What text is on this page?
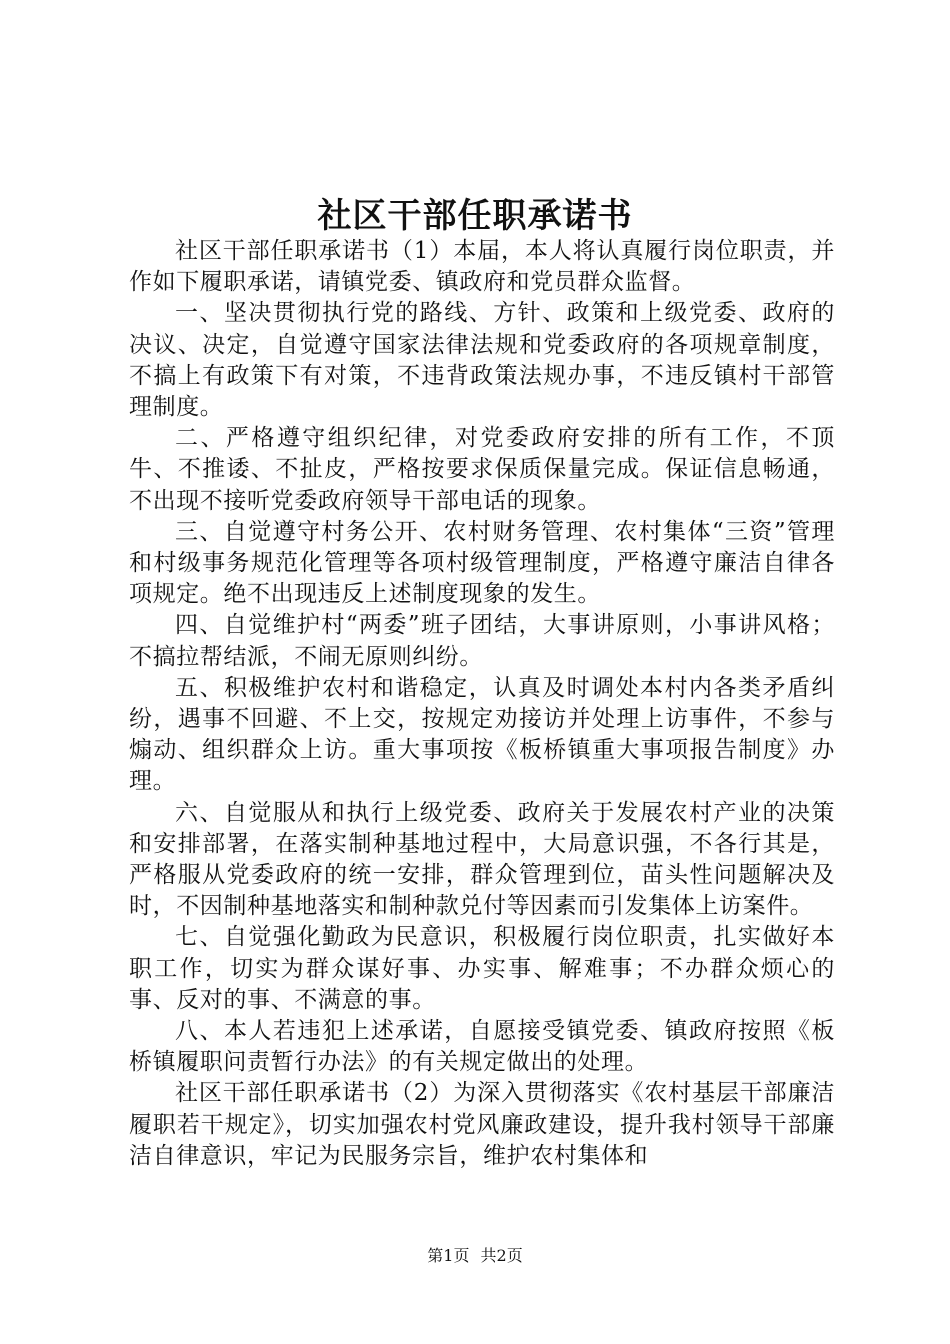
社区干部任职承诺书

社区干部任职承诺书（1）本届，本人将认真履行岗位职责，并作如下履职承诺，请镇党委、镇政府和党员群众监督。

一、坚决贯彻执行党的路线、方针、政策和上级党委、政府的决议、决定，自觉遵守国家法律法规和党委政府的各项规章制度，不搞上有政策下有对策，不违背政策法规办事，不违反镇村干部管理制度。

二、严格遵守组织纪律，对党委政府安排的所有工作，不顶牛、不推诿、不扯皮，严格按要求保质保量完成。保证信息畅通，不出现不接听党委政府领导干部电话的现象。

三、自觉遵守村务公开、农村财务管理、农村集体“三资”管理和村级事务规范化管理等各项村级管理制度，严格遵守廉洁自律各项规定。绝不出现违反上述制度现象的发生。

四、自觉维护村“两委”班子团结，大事讲原则，小事讲风格；不搞拉帮结派，不闹无原则纠纷。

五、积极维护农村和谐稳定，认真及时调处本村内各类矛盾纠纷，遇事不回避、不上交，按规定劝接访并处理上访事件，不参与煽动、组织群众上访。重大事项按《板桥镇重大事项报告制度》办理。

六、自觉服从和执行上级党委、政府关于发展农村产业的决策和安排部署，在落实制种基地过程中，大局意识强，不各行其是，严格服从党委政府的统一安排，群众管理到位，苗头性问题解决及时，不因制种基地落实和制种款兑付等因素而引发集体上访案件。

七、自觉强化勤政为民意识，积极履行岗位职责，扎实做好本职工作，切实为群众谋好事、办实事、解难事；不办群众烦心的事、反对的事、不满意的事。

八、本人若违犯上述承诺，自愿接受镇党委、镇政府按照《板桥镇履职问责暂行办法》的有关规定做出的处理。

社区干部任职承诺书（2）为深入贯彻落实《农村基层干部廉洁履职若干规定》，切实加强农村党风廉政建设，提升我村领导干部廉洁自律意识，牢记为民服务宗旨，维护农村集体和

第1页 共2页
